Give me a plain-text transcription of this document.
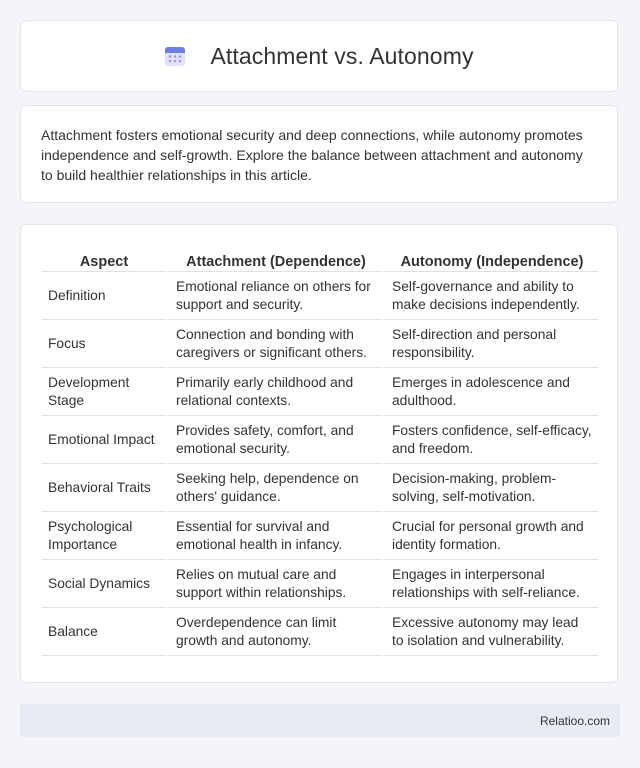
Attachment vs. Autonomy

Attachment fosters emotional security and deep connections, while autonomy promotes independence and self-growth. Explore the balance between attachment and autonomy to build healthier relationships in this article.

Aspect	Attachment (Dependence)	Autonomy (Independence)
Definition	Emotional reliance on others for support and security.	Self-governance and ability to make decisions independently.
Focus	Connection and bonding with caregivers or significant others.	Self-direction and personal responsibility.
Development Stage	Primarily early childhood and relational contexts.	Emerges in adolescence and adulthood.
Emotional Impact	Provides safety, comfort, and emotional security.	Fosters confidence, self-efficacy, and freedom.
Behavioral Traits	Seeking help, dependence on others' guidance.	Decision-making, problem-solving, self-motivation.
Psychological Importance	Essential for survival and emotional health in infancy.	Crucial for personal growth and identity formation.
Social Dynamics	Relies on mutual care and support within relationships.	Engages in interpersonal relationships with self-reliance.
Balance	Overdependence can limit growth and autonomy.	Excessive autonomy may lead to isolation and vulnerability.
Relatioo.com
